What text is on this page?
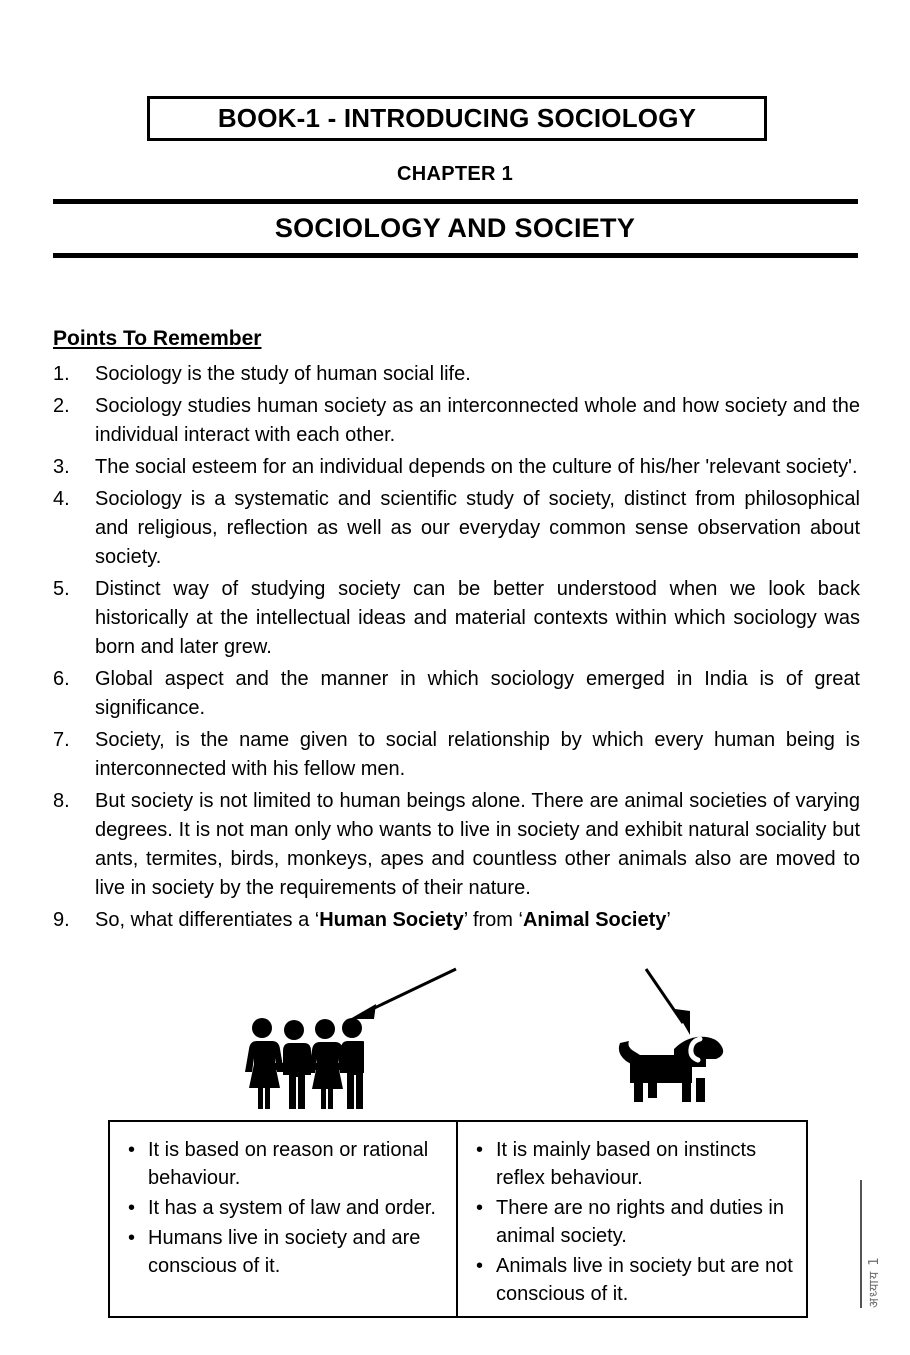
BOOK-1 - INTRODUCING SOCIOLOGY
CHAPTER 1
SOCIOLOGY AND SOCIETY
Points To Remember
1.	Sociology is the study of human social life.
2.	Sociology studies human society as an interconnected whole and how society and the individual interact with each other.
3.	The social esteem for an individual depends on the culture of his/her 'relevant society'.
4.	Sociology is a systematic and scientific study of society, distinct from philosophical and religious, reflection as well as our everyday common sense observation about society.
5.	Distinct way of studying society can be better understood when we look back historically at the intellectual ideas and material contexts within which sociology was born and later grew.
6.	Global aspect and the manner in which sociology emerged in India is of great significance.
7.	Society, is the name given to social relationship by which every human being is interconnected with his fellow men.
8.	But society is not limited to human beings alone. There are animal societies of varying degrees. It is not man only who wants to live in society and exhibit natural sociality but ants, termites, birds, monkeys, apes and countless other animals also are moved to live in society by the requirements of their nature.
9.	So, what differentiates a ‘Human Society’ from ‘Animal Society’
• It is based on reason or rational behaviour.
• It has a system of law and order.
• Humans live in society and are conscious of it.
• It is mainly based on instincts reflex behaviour.
• There are no rights and duties in animal society.
• Animals live in society but are not conscious of it.	अध्याय 1
